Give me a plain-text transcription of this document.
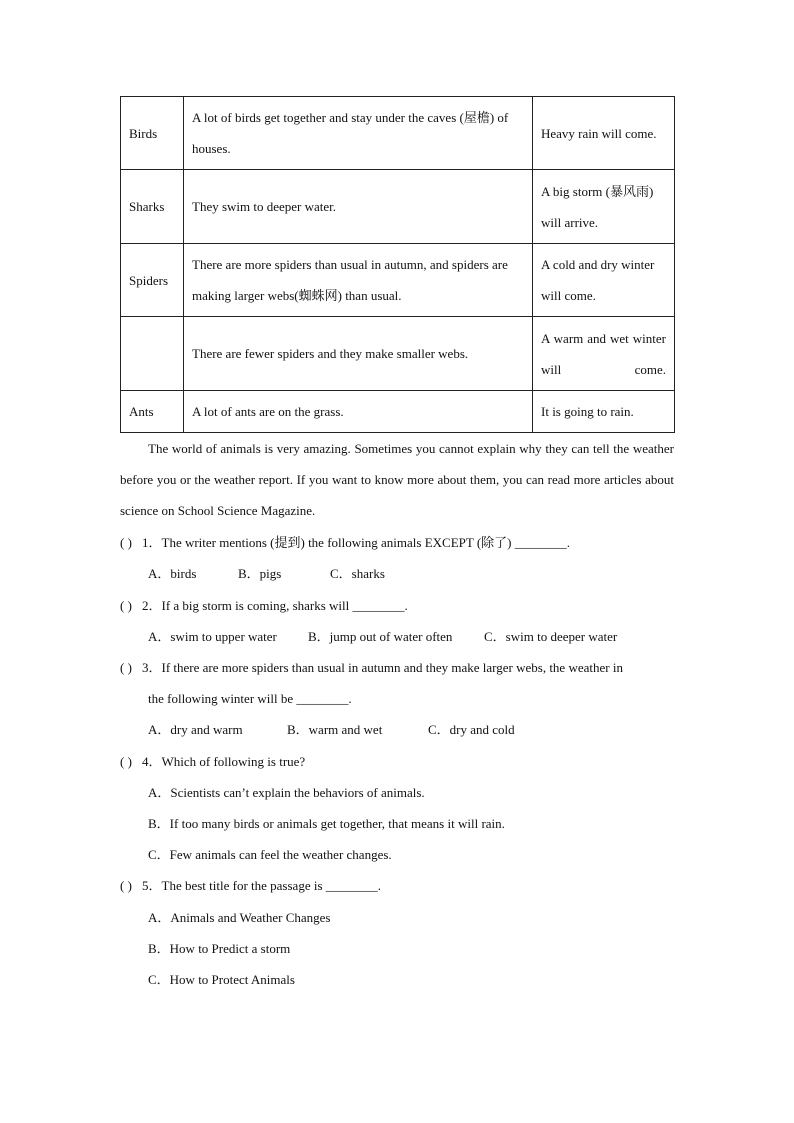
Birds	A lot of birds get together and stay under the caves (屋檐) of houses.	Heavy rain will come.
Sharks	They swim to deeper water.	A big storm (暴风雨) will arrive.
Spiders	There are more spiders than usual in autumn, and spiders are making larger webs(蜘蛛网) than usual.	A cold and dry winter will come.
	There are fewer spiders and they make smaller webs.	A warm and wet winter will come.
Ants	A lot of ants are on the grass.	It is going to rain.
The world of animals is very amazing. Sometimes you cannot explain why they can tell the weather before you or the weather report. If you want to know more about them, you can read more articles about science on School Science Magazine.
( ) 1．The writer mentions (提到) the following animals EXCEPT (除了) ________.
A．birds	B．pigs	C．sharks
( ) 2．If a big storm is coming, sharks will ________.
A．swim to upper water B．jump out of water often C．swim to deeper water
( ) 3．If there are more spiders than usual in autumn and they make larger webs, the weather in
the following winter will be ________.
A．dry and warm	B．warm and wet	C．dry and cold
( ) 4．Which of following is true?
A．Scientists can’t explain the behaviors of animals.
B．If too many birds or animals get together, that means it will rain.
C．Few animals can feel the weather changes.
( ) 5．The best title for the passage is ________.
A．Animals and Weather Changes
B．How to Predict a storm
C．How to Protect Animals
